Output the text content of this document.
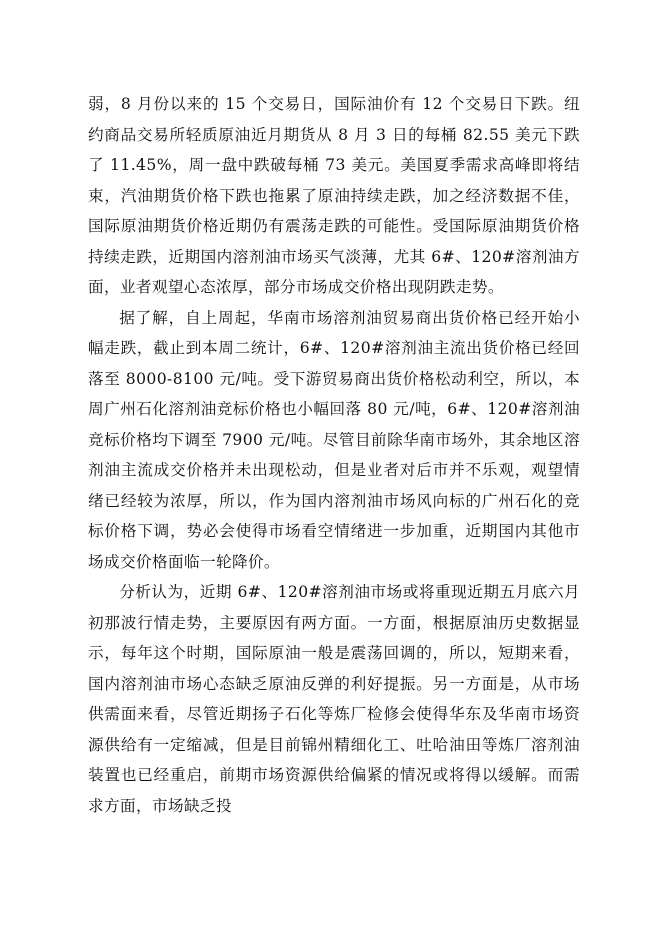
弱，8 月份以来的 15 个交易日，国际油价有 12 个交易日下跌。纽约商品交易所轻质原油近月期货从 8 月 3 日的每桶 82.55 美元下跌了 11.45%，周一盘中跌破每桶 73 美元。美国夏季需求高峰即将结束，汽油期货价格下跌也拖累了原油持续走跌，加之经济数据不佳，国际原油期货价格近期仍有震荡走跌的可能性。受国际原油期货价格持续走跌，近期国内溶剂油市场买气淡薄，尤其 6#、120#溶剂油方面，业者观望心态浓厚，部分市场成交价格出现阴跌走势。

据了解，自上周起，华南市场溶剂油贸易商出货价格已经开始小幅走跌，截止到本周二统计，6#、120#溶剂油主流出货价格已经回落至 8000-8100 元/吨。受下游贸易商出货价格松动利空，所以，本周广州石化溶剂油竞标价格也小幅回落 80 元/吨，6#、120#溶剂油竞标价格均下调至 7900 元/吨。尽管目前除华南市场外，其余地区溶剂油主流成交价格并未出现松动，但是业者对后市并不乐观，观望情绪已经较为浓厚，所以，作为国内溶剂油市场风向标的广州石化的竞标价格下调，势必会使得市场看空情绪进一步加重，近期国内其他市场成交价格面临一轮降价。

分析认为，近期 6#、120#溶剂油市场或将重现近期五月底六月初那波行情走势，主要原因有两方面。一方面，根据原油历史数据显示，每年这个时期，国际原油一般是震荡回调的，所以，短期来看，国内溶剂油市场心态缺乏原油反弹的利好提振。另一方面是，从市场供需面来看，尽管近期扬子石化等炼厂检修会使得华东及华南市场资源供给有一定缩减，但是目前锦州精细化工、吐哈油田等炼厂溶剂油装置也已经重启，前期市场资源供给偏紧的情况或将得以缓解。而需求方面，市场缺乏投
